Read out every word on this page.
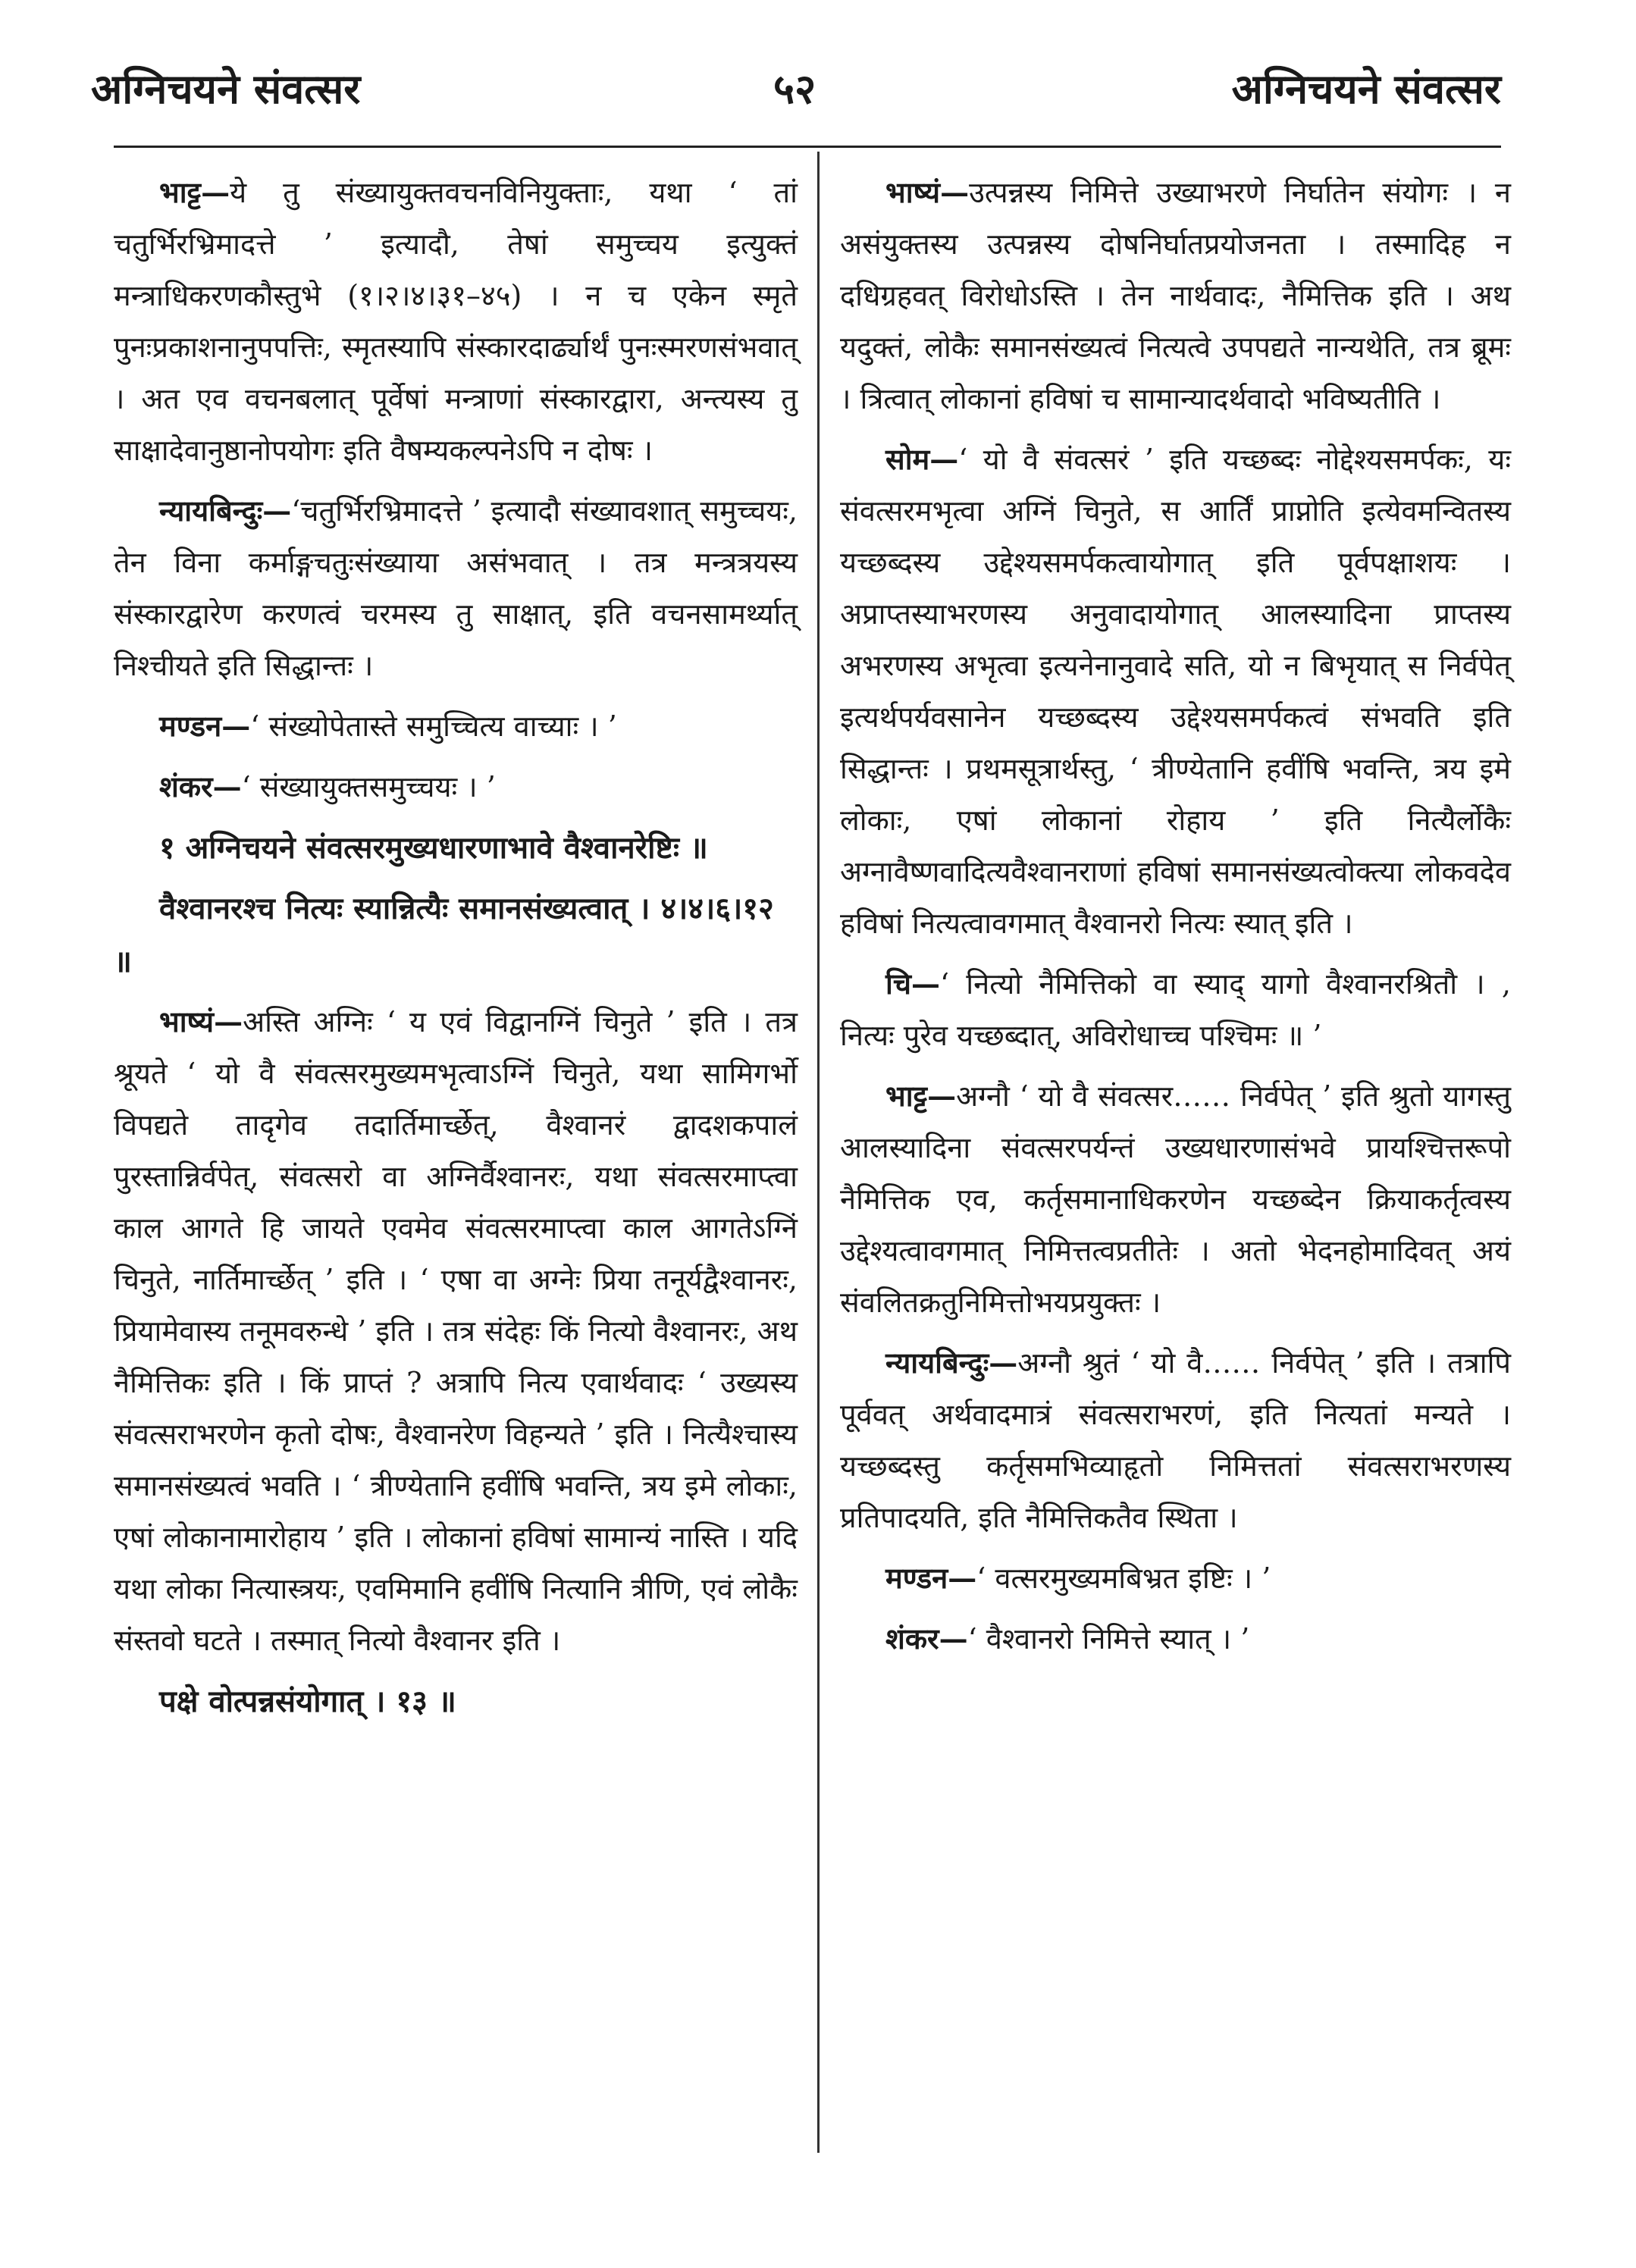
अग्निचयने संवत्सर	५२	अग्निचयने संवत्सर

भाट्ट—ये तु संख्यायुक्तवचनविनियुक्ताः, यथा ‘ तां चतुर्भिरभ्रिमादत्ते ’ इत्यादौ, तेषां समुच्चय इत्युक्तं मन्त्राधिकरणकौस्तुभे (१।२।४।३१–४५) । न च एकेन स्मृते पुनःप्रकाशनानुपपत्तिः, स्मृतस्यापि संस्कारदार्ढ्यार्थं पुनःस्मरणसंभवात् । अत एव वचनबलात् पूर्वेषां मन्त्राणां संस्कारद्वारा, अन्त्यस्य तु साक्षादेवानुष्ठानोपयोगः इति वैषम्यकल्पनेऽपि न दोषः ।

न्यायबिन्दुः—‘चतुर्भिरभ्रिमादत्ते ’ इत्यादौ संख्यावशात् समुच्चयः, तेन विना कर्माङ्गचतुःसंख्याया असंभवात् । तत्र मन्त्रत्रयस्य संस्कारद्वारेण करणत्वं चरमस्य तु साक्षात्, इति वचनसामर्थ्यात् निश्चीयते इति सिद्धान्तः ।

मण्डन—‘ संख्योपेतास्ते समुच्चित्य वाच्याः । ’

शंकर—‘ संख्यायुक्तसमुच्चयः । ’

१ अग्निचयने संवत्सरमुख्यधारणाभावे वैश्वानरेष्टिः ॥

वैश्वानरश्च नित्यः स्यान्नित्यैः समानसंख्यत्वात् । ४।४।६।१२ ॥

भाष्यं—अस्ति अग्निः ‘ य एवं विद्वानग्निं चिनुते ’ इति । तत्र श्रूयते ‘ यो वै संवत्सरमुख्यमभृत्वाऽग्निं चिनुते, यथा सामिगर्भो विपद्यते तादृगेव तदार्तिमार्च्छेत्, वैश्वानरं द्वादशकपालं पुरस्तान्निर्वपेत्, संवत्सरो वा अग्निर्वैश्वानरः, यथा संवत्सरमाप्त्वा काल आगते हि जायते एवमेव संवत्सरमाप्त्वा काल आगतेऽग्निं चिनुते, नार्तिमार्च्छेत् ’ इति । ‘ एषा वा अग्नेः प्रिया तनूर्यद्वैश्वानरः, प्रियामेवास्य तनूमवरुन्धे ’ इति । तत्र संदेहः किं नित्यो वैश्वानरः, अथ नैमित्तिकः इति । किं प्राप्तं ? अत्रापि नित्य एवार्थवादः ‘ उख्यस्य संवत्सराभरणेन कृतो दोषः, वैश्वानरेण विहन्यते ’ इति । नित्यैश्चास्य समानसंख्यत्वं भवति । ‘ त्रीण्येतानि हवींषि भवन्ति, त्रय इमे लोकाः, एषां लोकानामारोहाय ’ इति । लोकानां हविषां सामान्यं नास्ति । यदि यथा लोका नित्यास्त्रयः, एवमिमानि हवींषि नित्यानि त्रीणि, एवं लोकैः संस्तवो घटते । तस्मात् नित्यो वैश्वानर इति ।

पक्षे वोत्पन्नसंयोगात् । १३ ॥

भाष्यं—उत्पन्नस्य निमित्ते उख्याभरणे निर्घातेन संयोगः । न असंयुक्तस्य उत्पन्नस्य दोषनिर्घातप्रयोजनता । तस्मादिह न दधिग्रहवत् विरोधोऽस्ति । तेन नार्थवादः, नैमित्तिक इति । अथ यदुक्तं, लोकैः समानसंख्यत्वं नित्यत्वे उपपद्यते नान्यथेति, तत्र ब्रूमः । त्रित्वात् लोकानां हविषां च सामान्यादर्थवादो भविष्यतीति ।

सोम—‘ यो वै संवत्सरं ’ इति यच्छब्दः नोद्देश्यसमर्पकः, यः संवत्सरमभृत्वा अग्निं चिनुते, स आर्तिं प्राप्नोति इत्येवमन्वितस्य यच्छब्दस्य उद्देश्यसमर्पकत्वायोगात् इति पूर्वपक्षाशयः । अप्राप्तस्याभरणस्य अनुवादायोगात् आलस्यादिना प्राप्तस्य अभरणस्य अभृत्वा इत्यनेनानुवादे सति, यो न बिभृयात् स निर्वपेत् इत्यर्थपर्यवसानेन यच्छब्दस्य उद्देश्यसमर्पकत्वं संभवति इति सिद्धान्तः । प्रथमसूत्रार्थस्तु, ‘ त्रीण्येतानि हवींषि भवन्ति, त्रय इमे लोकाः, एषां लोकानां रोहाय ’ इति नित्यैर्लोकैः अग्नावैष्णवादित्यवैश्वानराणां हविषां समानसंख्यत्वोक्त्या लोकवदेव हविषां नित्यत्वावगमात् वैश्वानरो नित्यः स्यात् इति ।

चि—‘ नित्यो नैमित्तिको वा स्याद् यागो वैश्वानरश्रितौ । , नित्यः पुरेव यच्छब्दात्, अविरोधाच्च पश्चिमः ॥ ’

भाट्ट—अग्नौ ‘ यो वै संवत्सर…… निर्वपेत् ’ इति श्रुतो यागस्तु आलस्यादिना संवत्सरपर्यन्तं उख्यधारणासंभवे प्रायश्चित्तरूपो नैमित्तिक एव, कर्तृसमानाधिकरणेन यच्छब्देन क्रियाकर्तृत्वस्य उद्देश्यत्वावगमात् निमित्तत्वप्रतीतेः । अतो भेदनहोमादिवत् अयं संवलितक्रतुनिमित्तोभयप्रयुक्तः ।

न्यायबिन्दुः—अग्नौ श्रुतं ‘ यो वै…… निर्वपेत् ’ इति । तत्रापि पूर्ववत् अर्थवादमात्रं संवत्सराभरणं, इति नित्यतां मन्यते । यच्छब्दस्तु कर्तृसमभिव्याहृतो निमित्ततां संवत्सराभरणस्य प्रतिपादयति, इति नैमित्तिकतैव स्थिता ।

मण्डन—‘ वत्सरमुख्यमबिभ्रत इष्टिः । ’

शंकर—‘ वैश्वानरो निमित्ते स्यात् । ’
